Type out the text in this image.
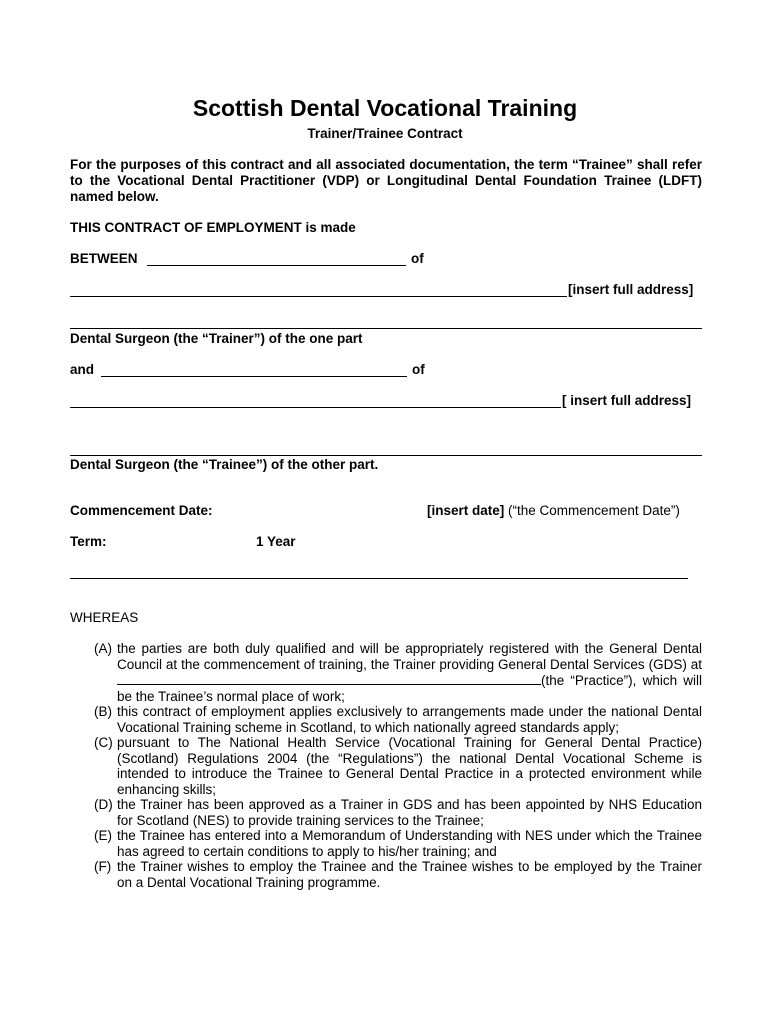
Scottish Dental Vocational Training
Trainer/Trainee Contract
For the purposes of this contract and all associated documentation, the term “Trainee” shall refer to the Vocational Dental Practitioner (VDP) or Longitudinal Dental Foundation Trainee (LDFT) named below.
THIS CONTRACT OF EMPLOYMENT is made
BETWEEN	of
[insert full address]
Dental Surgeon (the “Trainer”) of the one part
and	of
[ insert full address]
Dental Surgeon (the “Trainee”) of the other part.
Commencement Date:	[insert date] (“the Commencement Date”)
Term:	1 Year
WHEREAS
(A) the parties are both duly qualified and will be appropriately registered with the General Dental Council at the commencement of training, the Trainer providing General Dental Services (GDS) at (the “Practice”), which will be the Trainee’s normal place of work;
(B) this contract of employment applies exclusively to arrangements made under the national Dental Vocational Training scheme in Scotland, to which nationally agreed standards apply;
(C) pursuant to The National Health Service (Vocational Training for General Dental Practice) (Scotland) Regulations 2004 (the “Regulations”) the national Dental Vocational Scheme is intended to introduce the Trainee to General Dental Practice in a protected environment while enhancing skills;
(D) the Trainer has been approved as a Trainer in GDS and has been appointed by NHS Education for Scotland (NES) to provide training services to the Trainee;
(E) the Trainee has entered into a Memorandum of Understanding with NES under which the Trainee has agreed to certain conditions to apply to his/her training; and
(F) the Trainer wishes to employ the Trainee and the Trainee wishes to be employed by the Trainer on a Dental Vocational Training programme.
